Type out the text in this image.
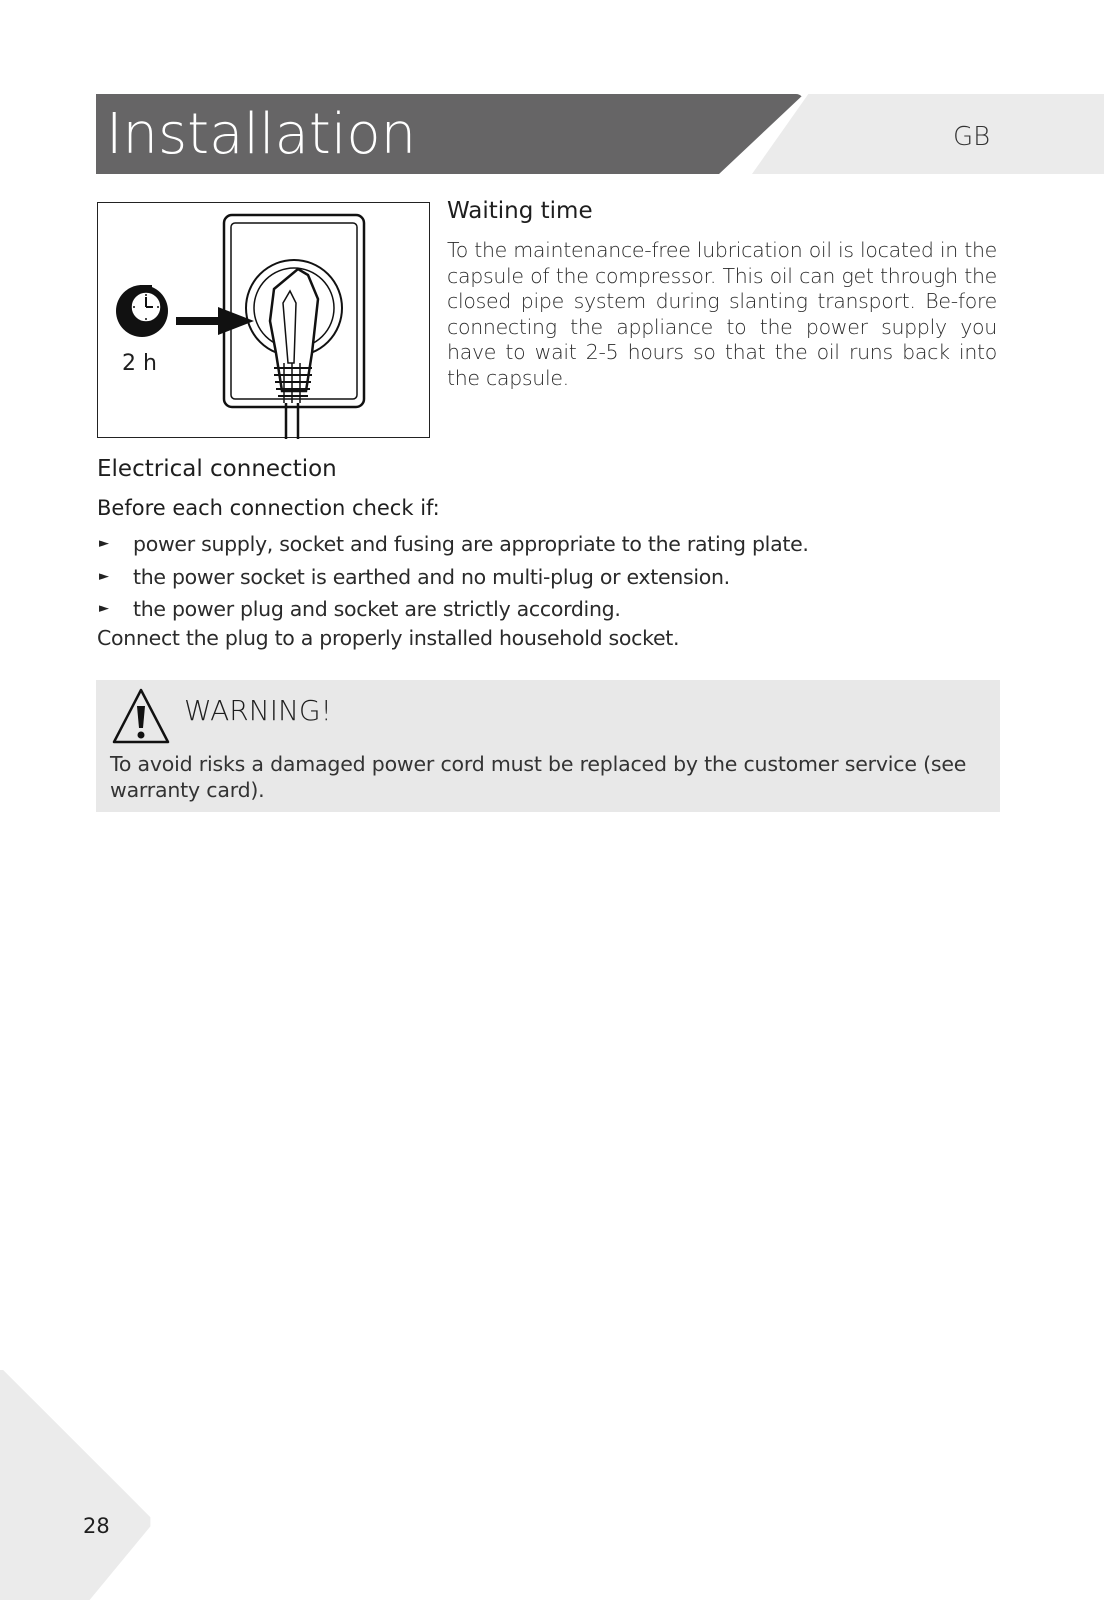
Installation	GB
2 h
Waiting time
To the maintenance-free lubrication oil is located in the capsule of the compressor. This oil can get through the closed pipe system during slanting transport. Be-fore connecting the appliance to the power supply you have to wait 2-5 hours so that the oil runs back into the capsule.
Electrical connection
Before each connection check if:
► power supply, socket and fusing are appropriate to the rating plate.
► the power socket is earthed and no multi-plug or extension.
► the power plug and socket are strictly according.
Connect the plug to a properly installed household socket.
WARNING!
To avoid risks a damaged power cord must be replaced by the customer service (see warranty card).
28
